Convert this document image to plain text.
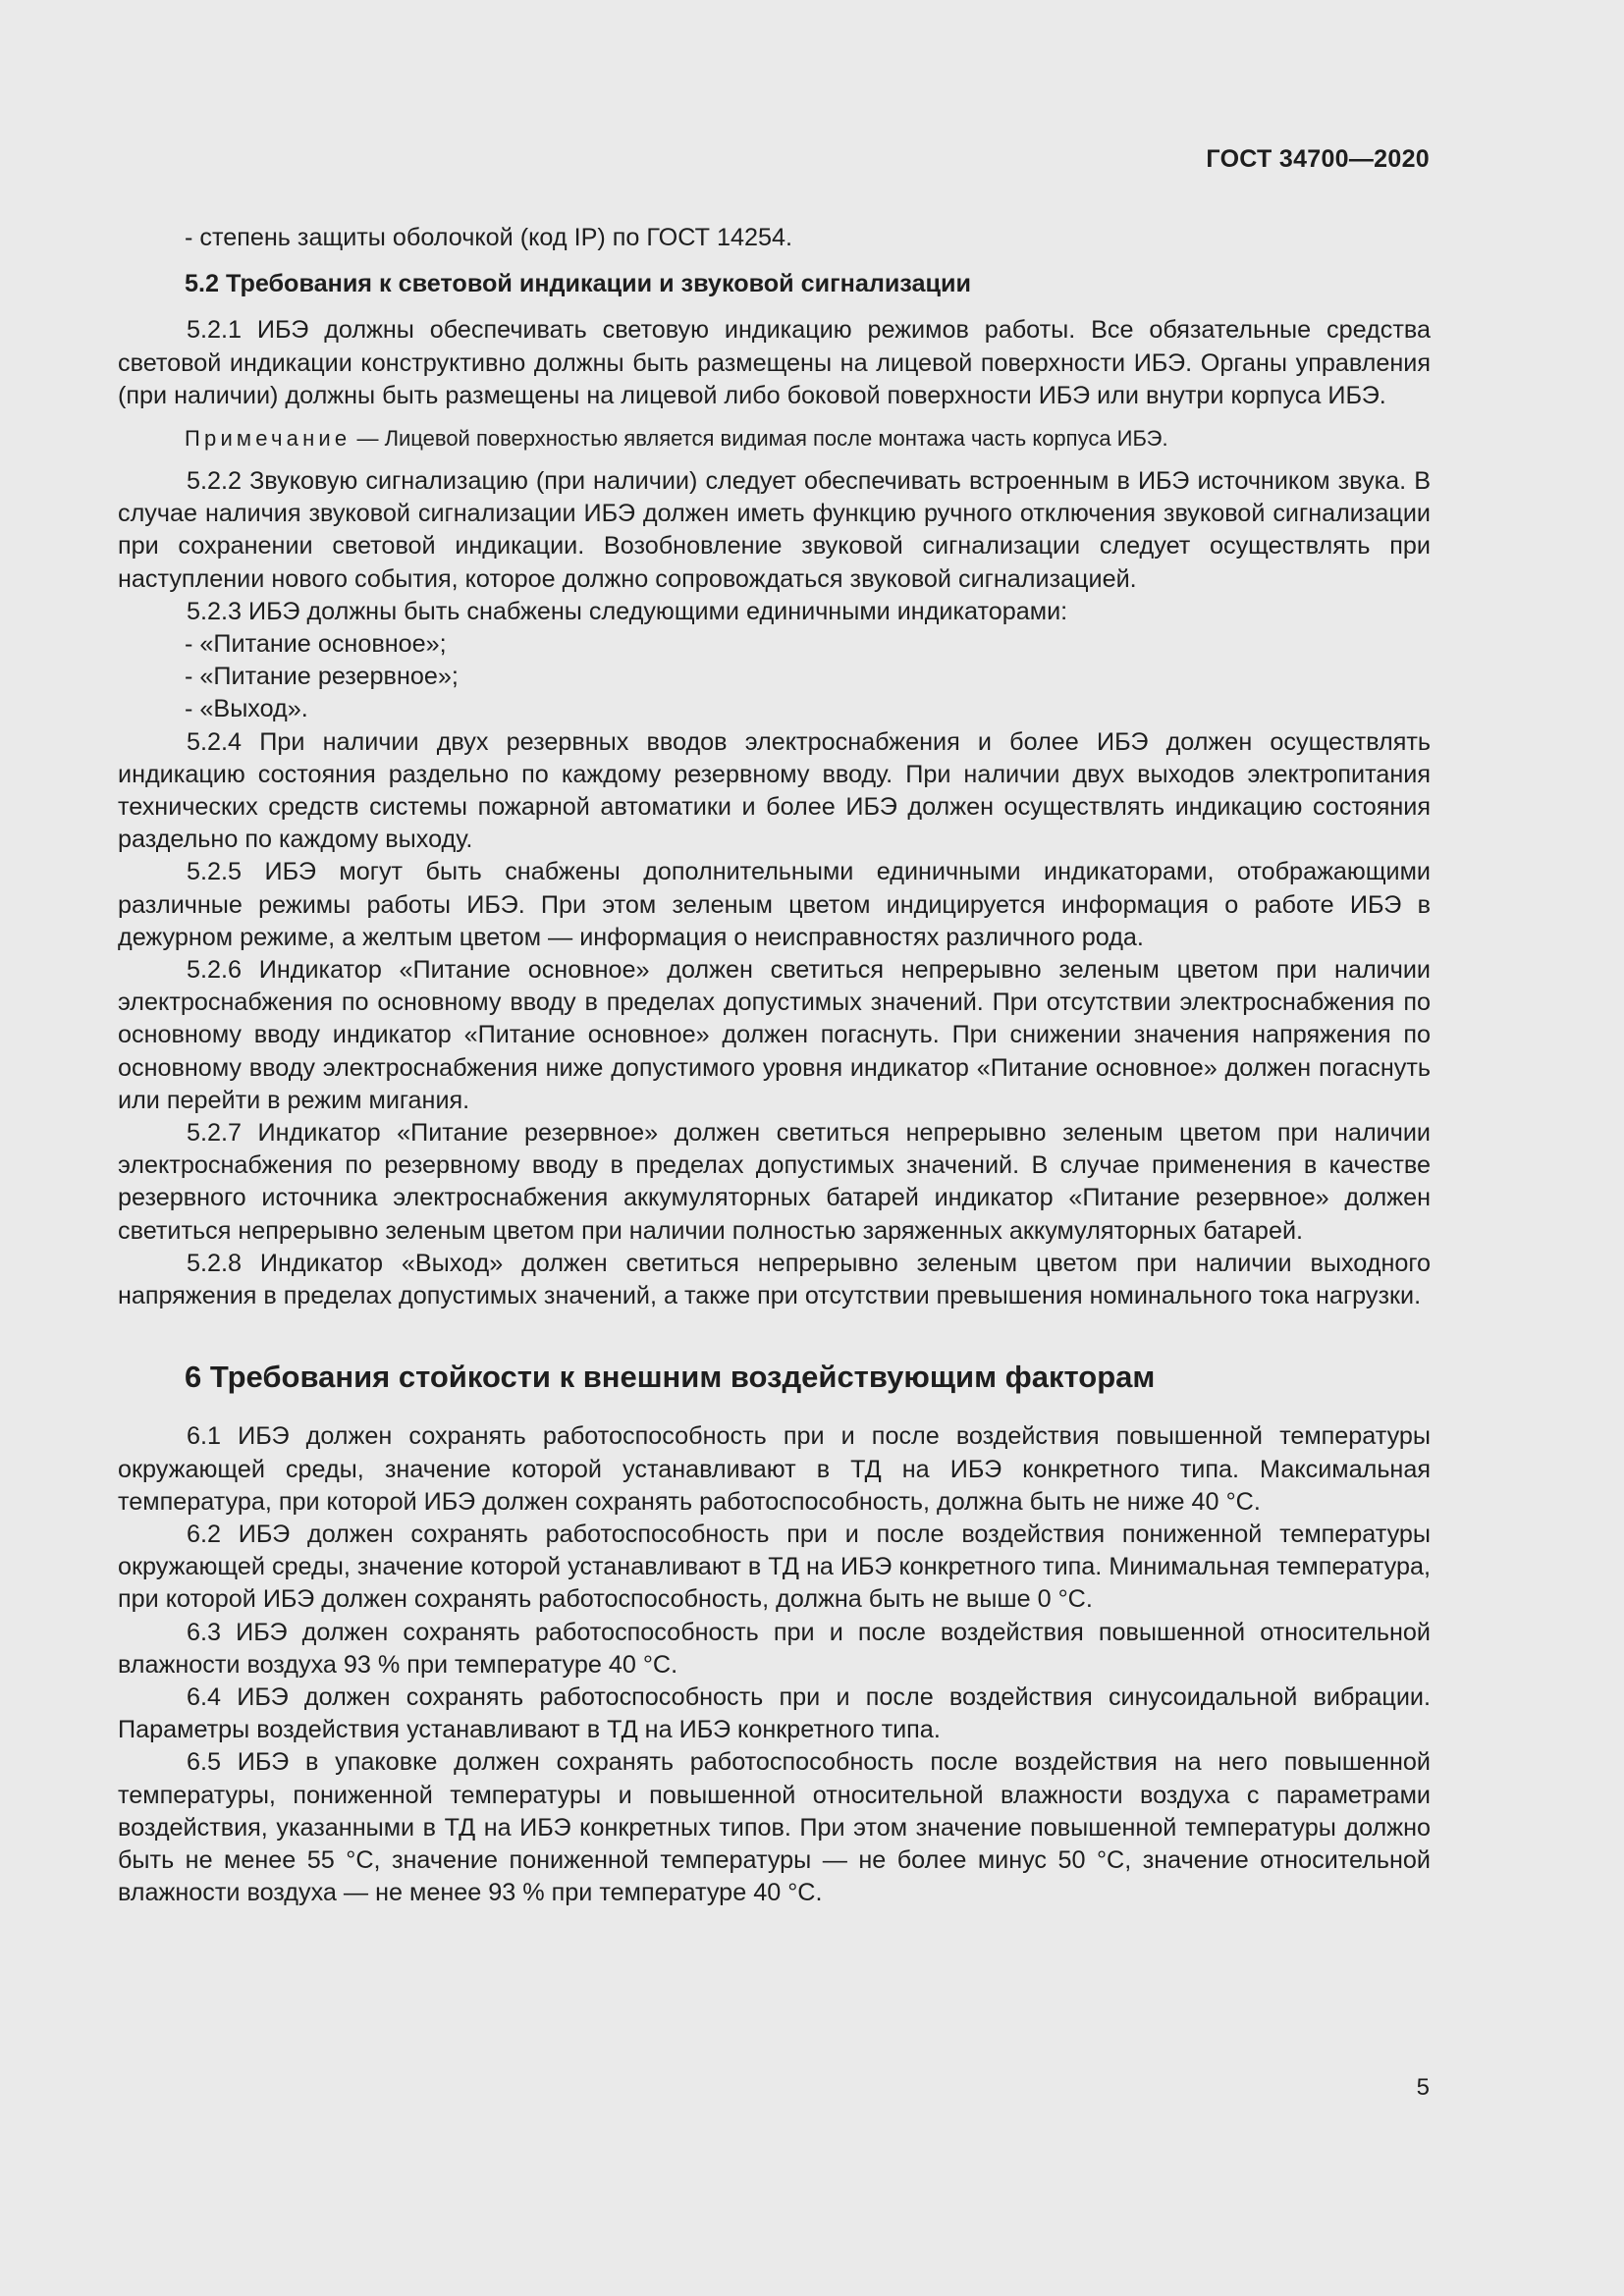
ГОСТ 34700—2020

- степень защиты оболочкой (код IP) по ГОСТ 14254.

5.2 Требования к световой индикации и звуковой сигнализации

5.2.1 ИБЭ должны обеспечивать световую индикацию режимов работы. Все обязательные средства световой индикации конструктивно должны быть размещены на лицевой поверхности ИБЭ. Органы управления (при наличии) должны быть размещены на лицевой либо боковой поверхности ИБЭ или внутри корпуса ИБЭ.

Примечание — Лицевой поверхностью является видимая после монтажа часть корпуса ИБЭ.

5.2.2 Звуковую сигнализацию (при наличии) следует обеспечивать встроенным в ИБЭ источником звука. В случае наличия звуковой сигнализации ИБЭ должен иметь функцию ручного отключения звуковой сигнализации при сохранении световой индикации. Возобновление звуковой сигнализации следует осуществлять при наступлении нового события, которое должно сопровождаться звуковой сигнализацией.

5.2.3 ИБЭ должны быть снабжены следующими единичными индикаторами:

- «Питание основное»;

- «Питание резервное»;

- «Выход».

5.2.4 При наличии двух резервных вводов электроснабжения и более ИБЭ должен осуществлять индикацию состояния раздельно по каждому резервному вводу. При наличии двух выходов электропитания технических средств системы пожарной автоматики и более ИБЭ должен осуществлять индикацию состояния раздельно по каждому выходу.

5.2.5 ИБЭ могут быть снабжены дополнительными единичными индикаторами, отображающими различные режимы работы ИБЭ. При этом зеленым цветом индицируется информация о работе ИБЭ в дежурном режиме, а желтым цветом — информация о неисправностях различного рода.

5.2.6 Индикатор «Питание основное» должен светиться непрерывно зеленым цветом при наличии электроснабжения по основному вводу в пределах допустимых значений. При отсутствии электроснабжения по основному вводу индикатор «Питание основное» должен погаснуть. При снижении значения напряжения по основному вводу электроснабжения ниже допустимого уровня индикатор «Питание основное» должен погаснуть или перейти в режим мигания.

5.2.7 Индикатор «Питание резервное» должен светиться непрерывно зеленым цветом при наличии электроснабжения по резервному вводу в пределах допустимых значений. В случае применения в качестве резервного источника электроснабжения аккумуляторных батарей индикатор «Питание резервное» должен светиться непрерывно зеленым цветом при наличии полностью заряженных аккумуляторных батарей.

5.2.8 Индикатор «Выход» должен светиться непрерывно зеленым цветом при наличии выходного напряжения в пределах допустимых значений, а также при отсутствии превышения номинального тока нагрузки.

6 Требования стойкости к внешним воздействующим факторам

6.1 ИБЭ должен сохранять работоспособность при и после воздействия повышенной температуры окружающей среды, значение которой устанавливают в ТД на ИБЭ конкретного типа. Максимальная температура, при которой ИБЭ должен сохранять работоспособность, должна быть не ниже 40 °С.

6.2 ИБЭ должен сохранять работоспособность при и после воздействия пониженной температуры окружающей среды, значение которой устанавливают в ТД на ИБЭ конкретного типа. Минимальная температура, при которой ИБЭ должен сохранять работоспособность, должна быть не выше 0 °С.

6.3 ИБЭ должен сохранять работоспособность при и после воздействия повышенной относительной влажности воздуха 93 % при температуре 40 °С.

6.4 ИБЭ должен сохранять работоспособность при и после воздействия синусоидальной вибрации. Параметры воздействия устанавливают в ТД на ИБЭ конкретного типа.

6.5 ИБЭ в упаковке должен сохранять работоспособность после воздействия на него повышенной температуры, пониженной температуры и повышенной относительной влажности воздуха с параметрами воздействия, указанными в ТД на ИБЭ конкретных типов. При этом значение повышенной температуры должно быть не менее 55 °С, значение пониженной температуры — не более минус 50 °С, значение относительной влажности воздуха — не менее 93 % при температуре 40 °С.

5
